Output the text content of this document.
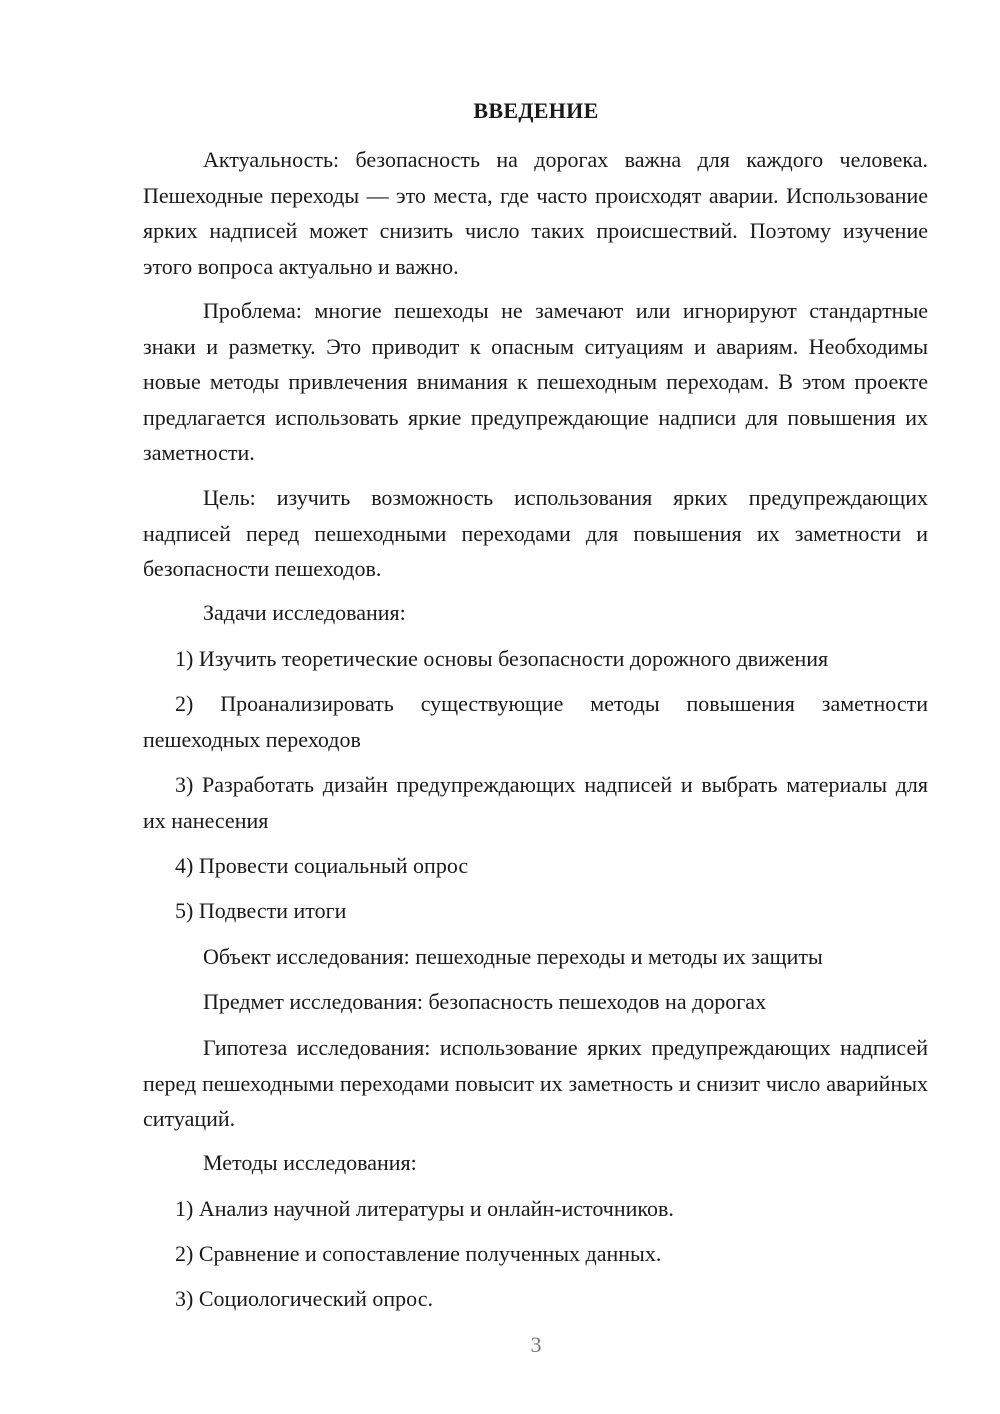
ВВЕДЕНИЕ

Актуальность: безопасность на дорогах важна для каждого человека. Пешеходные переходы — это места, где часто происходят аварии. Использование ярких надписей может снизить число таких происшествий. Поэтому изучение этого вопроса актуально и важно.

Проблема: многие пешеходы не замечают или игнорируют стандартные знаки и разметку. Это приводит к опасным ситуациям и авариям. Необходимы новые методы привлечения внимания к пешеходным переходам. В этом проекте предлагается использовать яркие предупреждающие надписи для повышения их заметности.

Цель: изучить возможность использования ярких предупреждающих надписей перед пешеходными переходами для повышения их заметности и безопасности пешеходов.

Задачи исследования:

1) Изучить теоретические основы безопасности дорожного движения

2) Проанализировать существующие методы повышения заметности пешеходных переходов

3) Разработать дизайн предупреждающих надписей и выбрать материалы для их нанесения

4) Провести социальный опрос

5) Подвести итоги

Объект исследования: пешеходные переходы и методы их защиты

Предмет исследования: безопасность пешеходов на дорогах

Гипотеза исследования: использование ярких предупреждающих надписей перед пешеходными переходами повысит их заметность и снизит число аварийных ситуаций.

Методы исследования:

1) Анализ научной литературы и онлайн-источников.

2) Сравнение и сопоставление полученных данных.

3) Социологический опрос.

3
